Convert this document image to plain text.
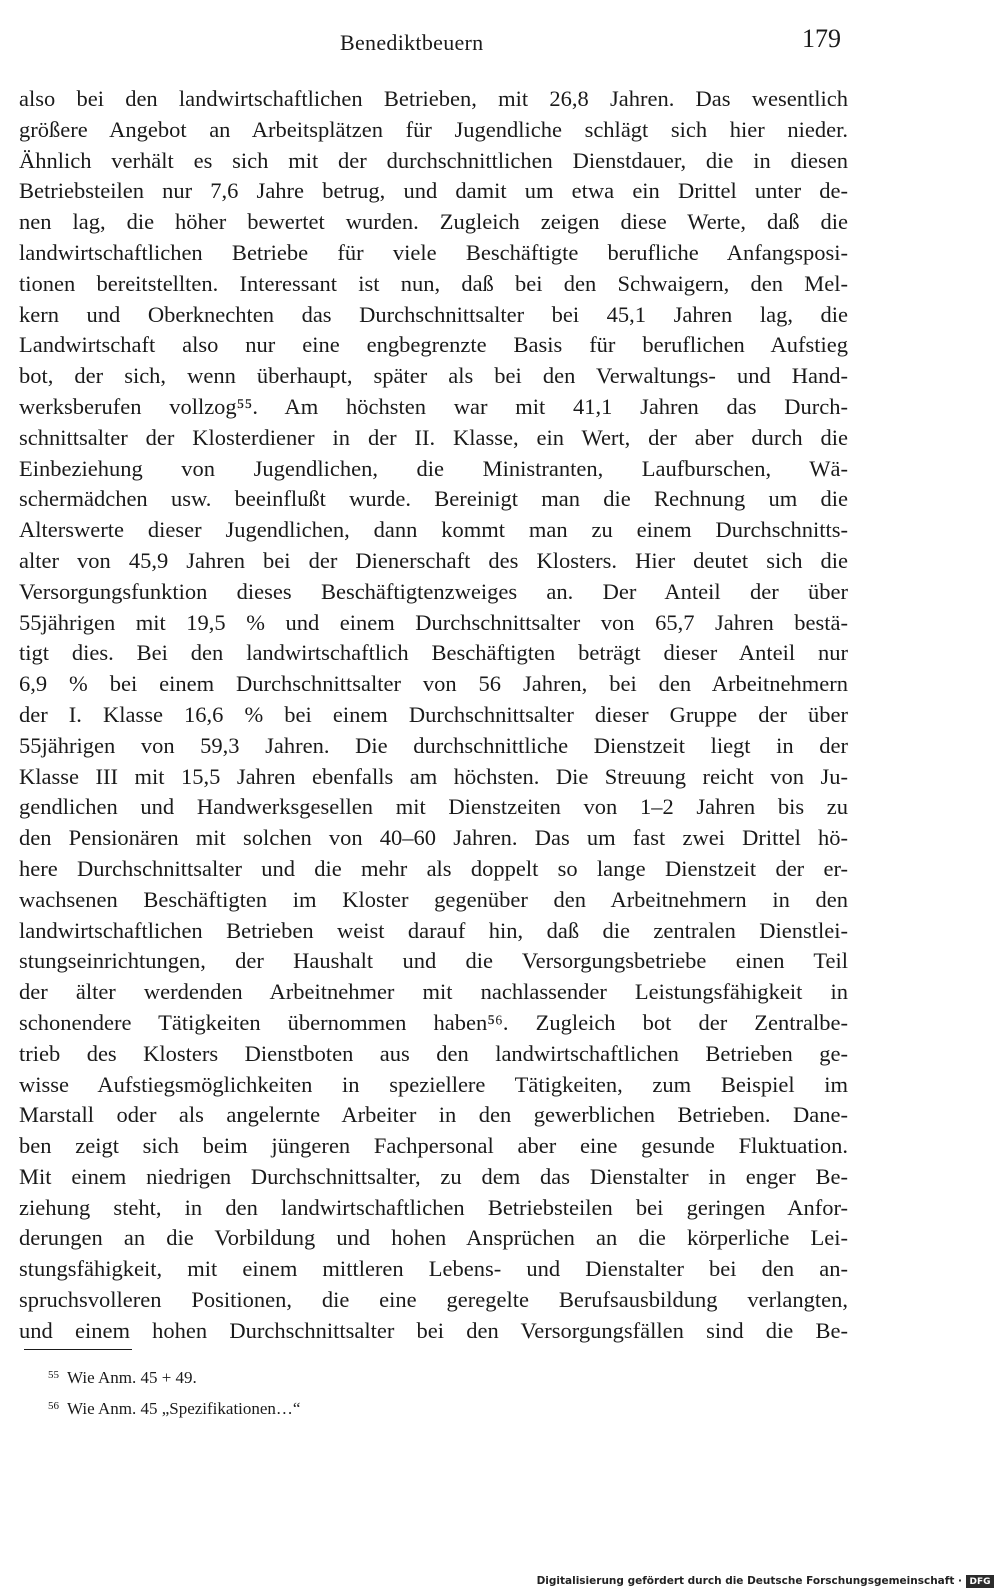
Benediktbeuern	179
also bei den landwirtschaftlichen Betrieben, mit 26,8 Jahren. Das wesentlich
größere Angebot an Arbeitsplätzen für Jugendliche schlägt sich hier nieder.
Ähnlich verhält es sich mit der durchschnittlichen Dienstdauer, die in diesen
Betriebsteilen nur 7,6 Jahre betrug, und damit um etwa ein Drittel unter de-
nen lag, die höher bewertet wurden. Zugleich zeigen diese Werte, daß die
landwirtschaftlichen Betriebe für viele Beschäftigte berufliche Anfangsposi-
tionen bereitstellten. Interessant ist nun, daß bei den Schwaigern, den Mel-
kern und Oberknechten das Durchschnittsalter bei 45,1 Jahren lag, die
Landwirtschaft also nur eine engbegrenzte Basis für beruflichen Aufstieg
bot, der sich, wenn überhaupt, später als bei den Verwaltungs- und Hand-
werksberufen vollzog⁵⁵. Am höchsten war mit 41,1 Jahren das Durch-
schnittsalter der Klosterdiener in der II. Klasse, ein Wert, der aber durch die
Einbeziehung von Jugendlichen, die Ministranten, Laufburschen, Wä-
schermädchen usw. beeinflußt wurde. Bereinigt man die Rechnung um die
Alterswerte dieser Jugendlichen, dann kommt man zu einem Durchschnitts-
alter von 45,9 Jahren bei der Dienerschaft des Klosters. Hier deutet sich die
Versorgungsfunktion dieses Beschäftigtenzweiges an. Der Anteil der über
55jährigen mit 19,5 % und einem Durchschnittsalter von 65,7 Jahren bestä-
tigt dies. Bei den landwirtschaftlich Beschäftigten beträgt dieser Anteil nur
6,9 % bei einem Durchschnittsalter von 56 Jahren, bei den Arbeitnehmern
der I. Klasse 16,6 % bei einem Durchschnittsalter dieser Gruppe der über
55jährigen von 59,3 Jahren. Die durchschnittliche Dienstzeit liegt in der
Klasse III mit 15,5 Jahren ebenfalls am höchsten. Die Streuung reicht von Ju-
gendlichen und Handwerksgesellen mit Dienstzeiten von 1–2 Jahren bis zu
den Pensionären mit solchen von 40–60 Jahren. Das um fast zwei Drittel hö-
here Durchschnittsalter und die mehr als doppelt so lange Dienstzeit der er-
wachsenen Beschäftigten im Kloster gegenüber den Arbeitnehmern in den
landwirtschaftlichen Betrieben weist darauf hin, daß die zentralen Dienstlei-
stungseinrichtungen, der Haushalt und die Versorgungsbetriebe einen Teil
der älter werdenden Arbeitnehmer mit nachlassender Leistungsfähigkeit in
schonendere Tätigkeiten übernommen haben⁵⁶. Zugleich bot der Zentralbe-
trieb des Klosters Dienstboten aus den landwirtschaftlichen Betrieben ge-
wisse Aufstiegsmöglichkeiten in speziellere Tätigkeiten, zum Beispiel im
Marstall oder als angelernte Arbeiter in den gewerblichen Betrieben. Dane-
ben zeigt sich beim jüngeren Fachpersonal aber eine gesunde Fluktuation.
Mit einem niedrigen Durchschnittsalter, zu dem das Dienstalter in enger Be-
ziehung steht, in den landwirtschaftlichen Betriebsteilen bei geringen Anfor-
derungen an die Vorbildung und hohen Ansprüchen an die körperliche Lei-
stungsfähigkeit, mit einem mittleren Lebens- und Dienstalter bei den an-
spruchsvolleren Positionen, die eine geregelte Berufsausbildung verlangten,
und einem hohen Durchschnittsalter bei den Versorgungsfällen sind die Be-
$^{55}$ Wie Anm. 45 + 49.
$^{56}$ Wie Anm. 45 „Spezifikationen…“
Digitalisierung gefördert durch die Deutsche Forschungsgemeinschaft · DFG
